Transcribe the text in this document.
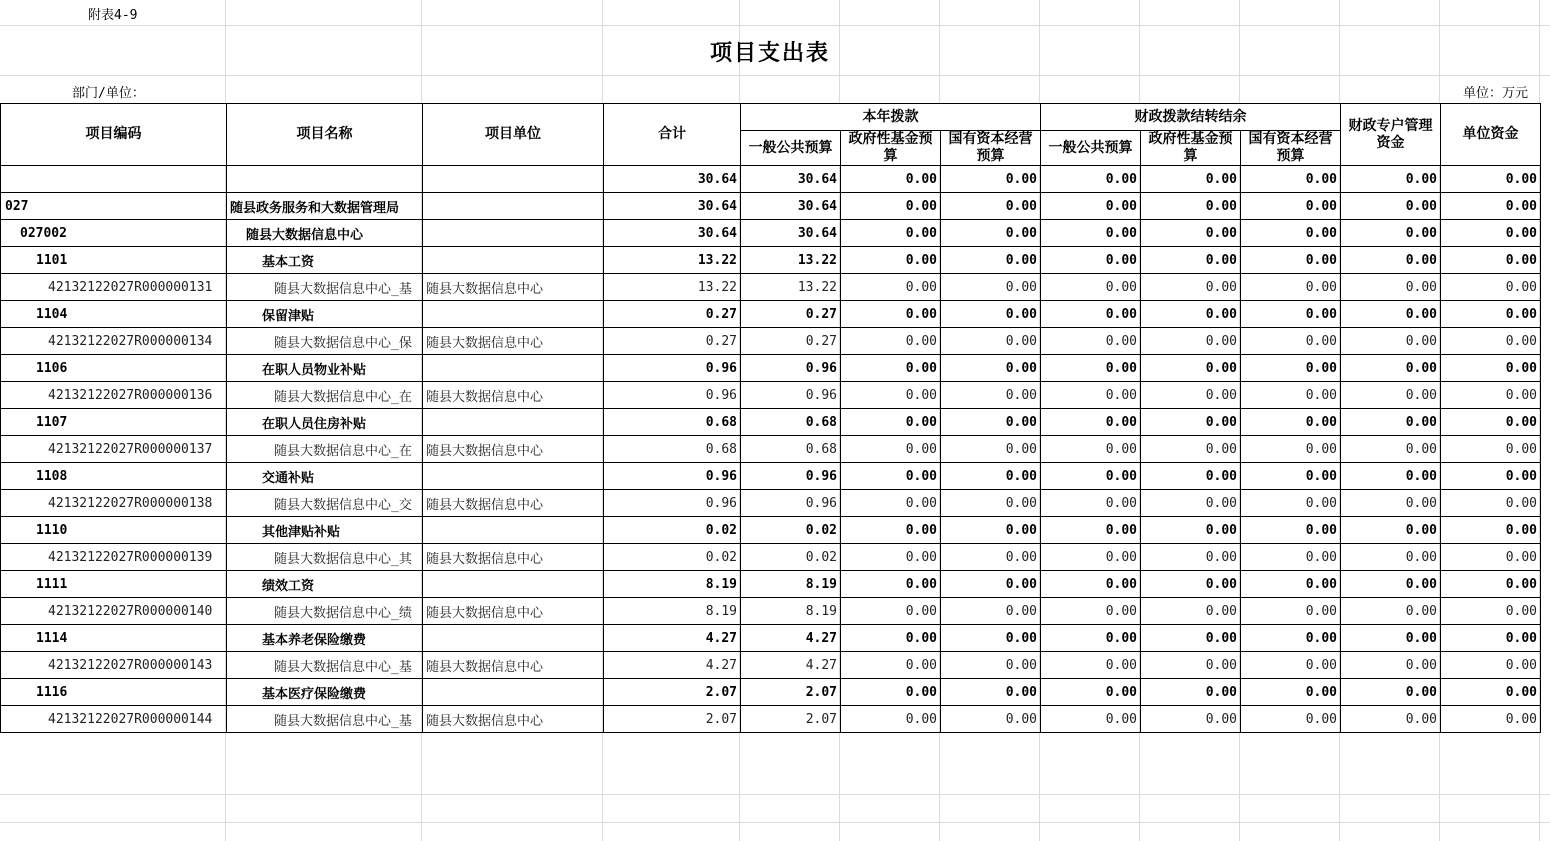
附表4-9
项目支出表
部门/单位：	单位：万元
项目编码	项目名称	项目单位	合计	本年拨款			财政拨款结转结余			财政专户管理资金	单位资金
				一般公共预算	政府性基金预算	国有资本经营预算	一般公共预算	政府性基金预算	国有资本经营预算		
			30.64	30.64	0.00	0.00	0.00	0.00	0.00	0.00	0.00
027	随县政务服务和大数据管理局		30.64	30.64	0.00	0.00	0.00	0.00	0.00	0.00	0.00
027002	随县大数据信息中心		30.64	30.64	0.00	0.00	0.00	0.00	0.00	0.00	0.00
1101	基本工资		13.22	13.22	0.00	0.00	0.00	0.00	0.00	0.00	0.00
42132122027R000000131	随县大数据信息中心_基	随县大数据信息中心	13.22	13.22	0.00	0.00	0.00	0.00	0.00	0.00	0.00
1104	保留津贴		0.27	0.27	0.00	0.00	0.00	0.00	0.00	0.00	0.00
42132122027R000000134	随县大数据信息中心_保	随县大数据信息中心	0.27	0.27	0.00	0.00	0.00	0.00	0.00	0.00	0.00
1106	在职人员物业补贴		0.96	0.96	0.00	0.00	0.00	0.00	0.00	0.00	0.00
42132122027R000000136	随县大数据信息中心_在	随县大数据信息中心	0.96	0.96	0.00	0.00	0.00	0.00	0.00	0.00	0.00
1107	在职人员住房补贴		0.68	0.68	0.00	0.00	0.00	0.00	0.00	0.00	0.00
42132122027R000000137	随县大数据信息中心_在	随县大数据信息中心	0.68	0.68	0.00	0.00	0.00	0.00	0.00	0.00	0.00
1108	交通补贴		0.96	0.96	0.00	0.00	0.00	0.00	0.00	0.00	0.00
42132122027R000000138	随县大数据信息中心_交	随县大数据信息中心	0.96	0.96	0.00	0.00	0.00	0.00	0.00	0.00	0.00
1110	其他津贴补贴		0.02	0.02	0.00	0.00	0.00	0.00	0.00	0.00	0.00
42132122027R000000139	随县大数据信息中心_其	随县大数据信息中心	0.02	0.02	0.00	0.00	0.00	0.00	0.00	0.00	0.00
1111	绩效工资		8.19	8.19	0.00	0.00	0.00	0.00	0.00	0.00	0.00
42132122027R000000140	随县大数据信息中心_绩	随县大数据信息中心	8.19	8.19	0.00	0.00	0.00	0.00	0.00	0.00	0.00
1114	基本养老保险缴费		4.27	4.27	0.00	0.00	0.00	0.00	0.00	0.00	0.00
42132122027R000000143	随县大数据信息中心_基	随县大数据信息中心	4.27	4.27	0.00	0.00	0.00	0.00	0.00	0.00	0.00
1116	基本医疗保险缴费		2.07	2.07	0.00	0.00	0.00	0.00	0.00	0.00	0.00
42132122027R000000144	随县大数据信息中心_基	随县大数据信息中心	2.07	2.07	0.00	0.00	0.00	0.00	0.00	0.00	0.00
